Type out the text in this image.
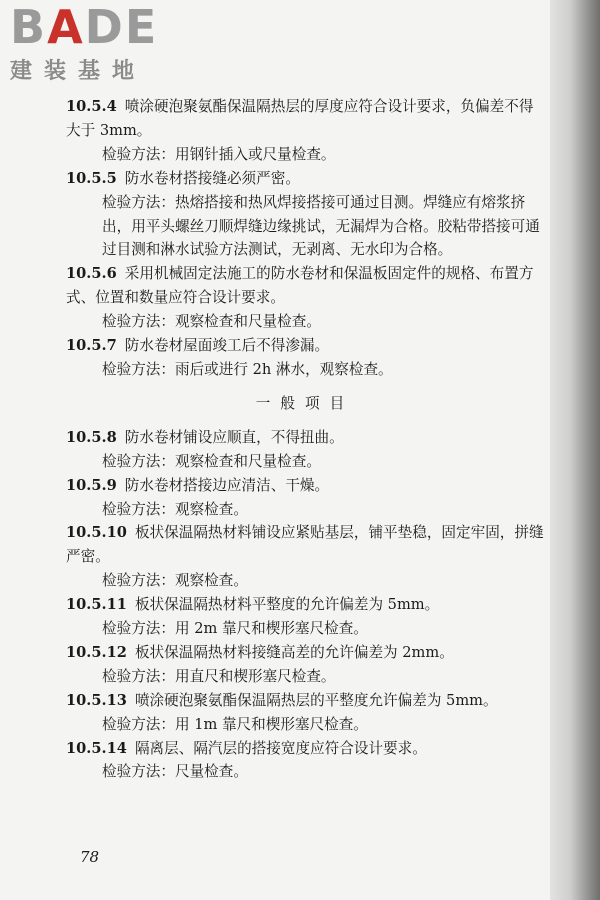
BADE
建装基地

10.5.4 喷涂硬泡聚氨酯保温隔热层的厚度应符合设计要求，负偏差不得大于 3mm。

检验方法：用钢针插入或尺量检查。

10.5.5 防水卷材搭接缝必须严密。

检验方法：热熔搭接和热风焊接搭接可通过目测。焊缝应有熔浆挤出，用平头螺丝刀顺焊缝边缘挑试，无漏焊为合格。胶粘带搭接可通过目测和淋水试验方法测试，无剥离、无水印为合格。

10.5.6 采用机械固定法施工的防水卷材和保温板固定件的规格、布置方式、位置和数量应符合设计要求。

检验方法：观察检查和尺量检查。

10.5.7 防水卷材屋面竣工后不得渗漏。

检验方法：雨后或进行 2h 淋水，观察检查。

一般项目

10.5.8 防水卷材铺设应顺直，不得扭曲。

检验方法：观察检查和尺量检查。

10.5.9 防水卷材搭接边应清洁、干燥。

检验方法：观察检查。

10.5.10 板状保温隔热材料铺设应紧贴基层，铺平垫稳，固定牢固，拼缝严密。

检验方法：观察检查。

10.5.11 板状保温隔热材料平整度的允许偏差为 5mm。

检验方法：用 2m 靠尺和楔形塞尺检查。

10.5.12 板状保温隔热材料接缝高差的允许偏差为 2mm。

检验方法：用直尺和楔形塞尺检查。

10.5.13 喷涂硬泡聚氨酯保温隔热层的平整度允许偏差为 5mm。

检验方法：用 1m 靠尺和楔形塞尺检查。

10.5.14 隔离层、隔汽层的搭接宽度应符合设计要求。

检验方法：尺量检查。

78
